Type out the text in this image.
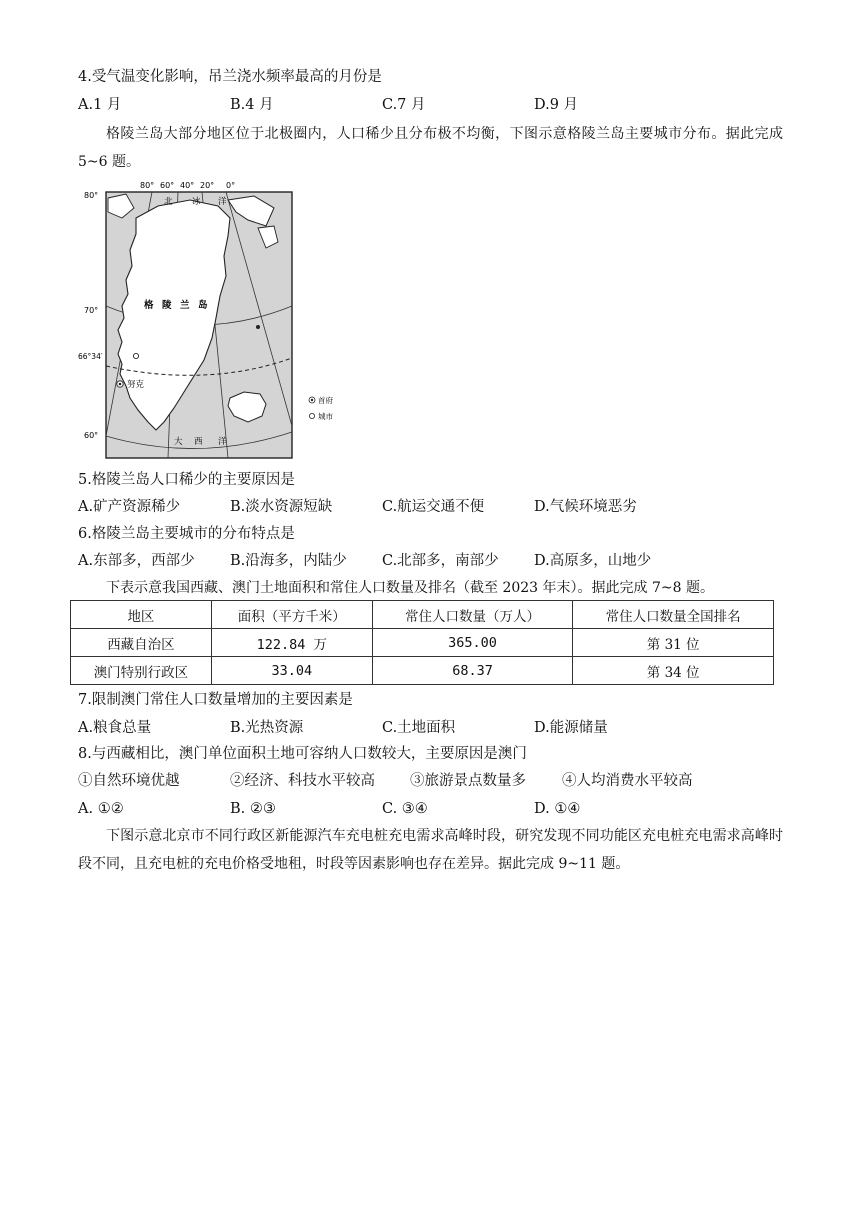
4.受气温变化影响，吊兰浇水频率最高的月份是
A.1 月	B.4 月	C.7 月	D.9 月
格陵兰岛大部分地区位于北极圈内，人口稀少且分布极不均衡，下图示意格陵兰岛主要城市分布。据此完成 5~6 题。
80° 60° 40° 20° 0°
80°
70°
66°34′
60°
北 冰 洋
大 西 洋
格 陵 兰 岛
努克
首府
城市
5.格陵兰岛人口稀少的主要原因是
A.矿产资源稀少	B.淡水资源短缺	C.航运交通不便	D.气候环境恶劣
6.格陵兰岛主要城市的分布特点是
A.东部多，西部少	B.沿海多，内陆少	C.北部多，南部少	D.高原多，山地少
下表示意我国西藏、澳门土地面积和常住人口数量及排名（截至 2023 年末）。据此完成 7~8 题。
地区	面积（平方千米）	常住人口数量（万人）	常住人口数量全国排名
西藏自治区	122.84 万	365.00	第 31 位
澳门特别行政区	33.04	68.37	第 34 位
7.限制澳门常住人口数量增加的主要因素是
A.粮食总量	B.光热资源	C.土地面积	D.能源储量
8.与西藏相比，澳门单位面积土地可容纳人口数较大，主要原因是澳门
①自然环境优越	②经济、科技水平较高	③旅游景点数量多	④人均消费水平较高
A. ①②	B. ②③	C. ③④	D. ①④
下图示意北京市不同行政区新能源汽车充电桩充电需求高峰时段，研究发现不同功能区充电桩充电需求高峰时段不同，且充电桩的充电价格受地租，时段等因素影响也存在差异。据此完成 9~11 题。
